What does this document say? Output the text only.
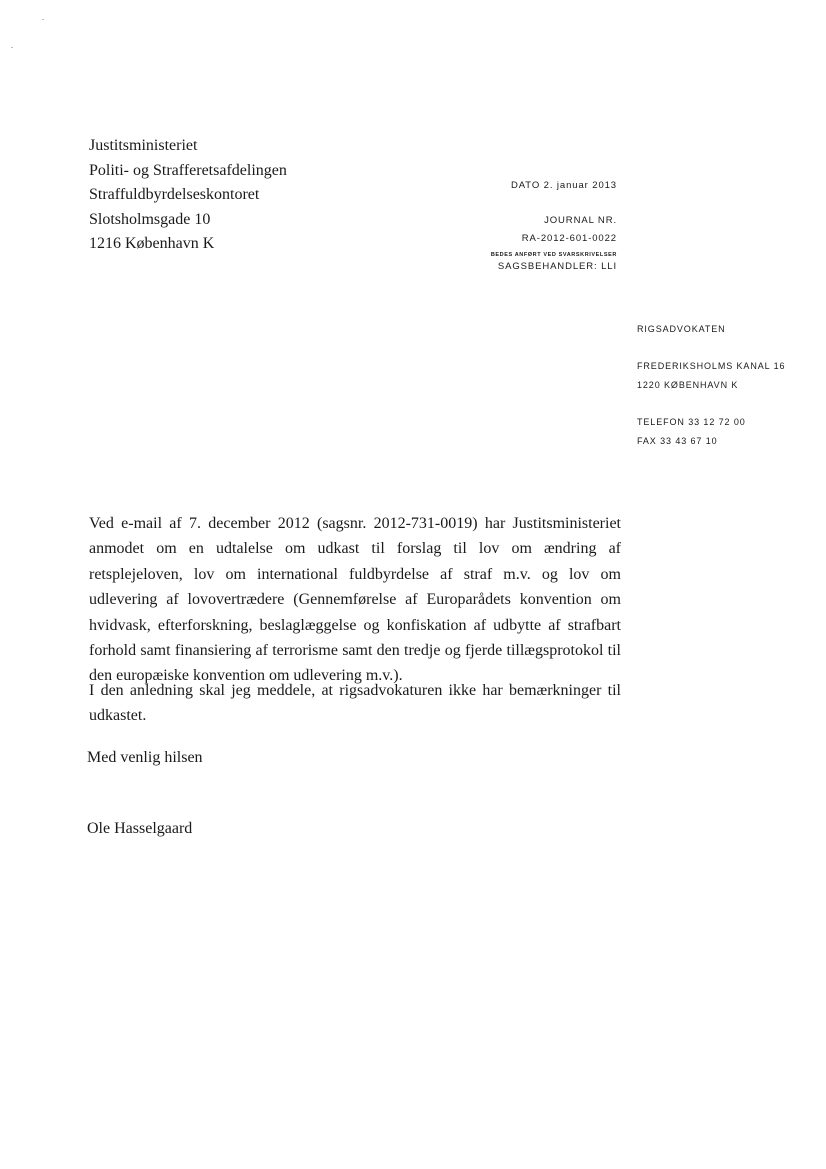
Justitsministeriet
Politi- og Strafferetsafdelingen
Straffuldbyrdelseskontoret
Slotsholmsgade 10
1216 København K
DATO 2. januar 2013
JOURNAL NR.
RA-2012-601-0022
BEDES ANFØRT VED SVARSKRIVELSER
SAGSBEHANDLER: LLI
RIGSADVOKATEN
FREDERIKSHOLMS KANAL 16
1220 KØBENHAVN K
TELEFON 33 12 72 00
FAX 33 43 67 10

Ved e-mail af 7. december 2012 (sagsnr. 2012-731-0019) har Justitsministeriet anmodet om en udtalelse om udkast til forslag til lov om ændring af retsplejeloven, lov om international fuldbyrdelse af straf m.v. og lov om udlevering af lovovertrædere (Gennemførelse af Europarådets konvention om hvidvask, efterforskning, beslaglæggelse og konfiskation af udbytte af strafbart forhold samt finansiering af terrorisme samt den tredje og fjerde tillægsprotokol til den europæiske konvention om udlevering m.v.).

I den anledning skal jeg meddele, at rigsadvokaturen ikke har bemærkninger til udkastet.

Med venlig hilsen
Ole Hasselgaard
